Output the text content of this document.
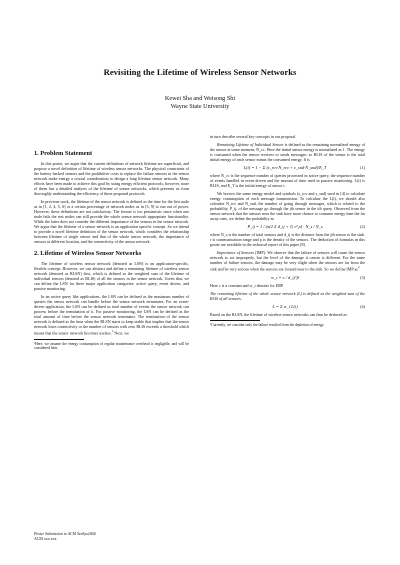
Revisiting the Lifetime of Wireless Sensor Networks
Kewei Sha and Weisong Shi
Wayne State University
1. Problem Statement

In this poster, we argue that the current definitions of network lifetime are superficial, and propose a novel definition of lifetime of wireless sensor networks. The physical constraints of the battery backed sensors and the prohibitive costs to replace the failure sensors in the sensor network make energy a crucial consideration to design a long lifetime sensor network. Many efforts have been made to achieve this goal by using energy efficient protocols, however, none of them has a detailed analysis of the lifetime of sensor networks, which prevents us from thoroughly understanding the efficiency of these proposed protocols.

In previous work, the lifetime of the sensor network is defined as the time for the first node as in [1, 2, 4, 5, 6] or a certain percentage of network nodes as in [3, 9] to run out of power. However, these definitions are not satisfactory. The former is too pessimistic since when one node fails the rest nodes can still provide the whole sensor network appropriate functionality. While the latter does not consider the different importance of the sensors in the sensor network. We argue that the lifetime of a sensor network is an application specific concept. So we intend to provide a novel lifetime definition of the sensor network, which considers the relationship between lifetime of single sensor and that of the whole sensor network, the importance of sensors at different location, and the connectivity of the sensor network.

2. Lifetime of Wireless Sensor Networks

The lifetime of wireless sensor network (denoted as LSN) is an application-specific, flexible concept. However, we can abstract and define a remaining lifetime of wireless sensor network (denoted as RLSN) first, which is defined as the weighted sum of the lifetime of individual sensors (denoted as RLIS) of all the sensors in the sensor network. Given that, we can define the LSN for three major application categories: active query, event driven, and passive monitoring.

In an active query like applications, the LSN can be defined as the maximum number of queries the sensor network can handle before the sensor network terminates. For an event-driven application, the LSN can be defined as total number of events the sensor network can process before the termination of it. For passive monitoring, the LSN can be defined as the total amount of time before the sensor network terminates. The termination of the sensor network is defined as the time when the RLSN starts to keep stable that implies that the sensor network loses connectivity or the number of sensors with zero RLIS exceeds a threshold which means that the sensor network becomes useless.$^1$ Next, we

¹Here, we assume the energy consumption of regular maintenance overhead is negligible, and will be considered later.

in turn describe several key concepts in our proposal.

Remaining Lifetime of Individual Sensor is defined as the remaining normalized energy of the sensor at some moment, N_cc. Here the initial sensor energy is normalized as 1. The energy is consumed when the sensor receives or sends messages, so RLIS of the sensor is the total initial energy of each sensor minus the consumed energy. It is

L(i) = 1 − Σ (ε_rcv·N_rcv + ε_snd·N_snd)/E_T	(1)

where N_cc is the sequence number of queries processed in active query, the sequence number of events handled in event driven and the amount of time used in passive monitoring. L(i) is RLIS, and E_T is the initial energy of sensor i.

We borrow the same energy model and symbols (ε_rcv and ε_snd) used in [4] to calculate energy consumption of each message transmission. To calculate the L(i), we should also calculate N_rcv and N_snd, the number of going through messages, which is related to the probability, P_ij, of the message go through the jth sensor in the ith query. Observed from the sensor network that the sensors near the sink have more chance to consume energy than the far away ones, we define the probability as

P_ij = 1 / (π(2 Σ d_ij + 1) r² ρ) · N_s / N_s	(2)

where N_s is the number of total sensors and d_ij is the distance from the jth sensor to the sink. r is communication range and ρ is the density of the sensors. The deduction of formulas in this poster are available in the technical report of this paper [8].

Importance of Sensors (IMP). We observe that the failure of sensors will cause the sensor network to act improperly, but the level of the damage it causes is different. For the same number of failure sensors, the damage may be very slight when the sensors are far from the sink and be very serious when the sensors are located near to the sink. So we define IMP $as^2$

w_i = c / d_ij^β	(3)

Here c is a constant and w_i denotes for IMP.

The remaining lifetime of the whole sensor network (L) is defined as the weighted sum of the RLIS of all sensors.

L = Σ w_i L(i)	(4)

Based on the RLSN, the lifetime of wireless sensor networks can thus be deduced as

²Currently, we consider only the failure resulted from the depletion of energy.
Poster Submission to ACM SenSys2004.
ACM xxx.xxx.
